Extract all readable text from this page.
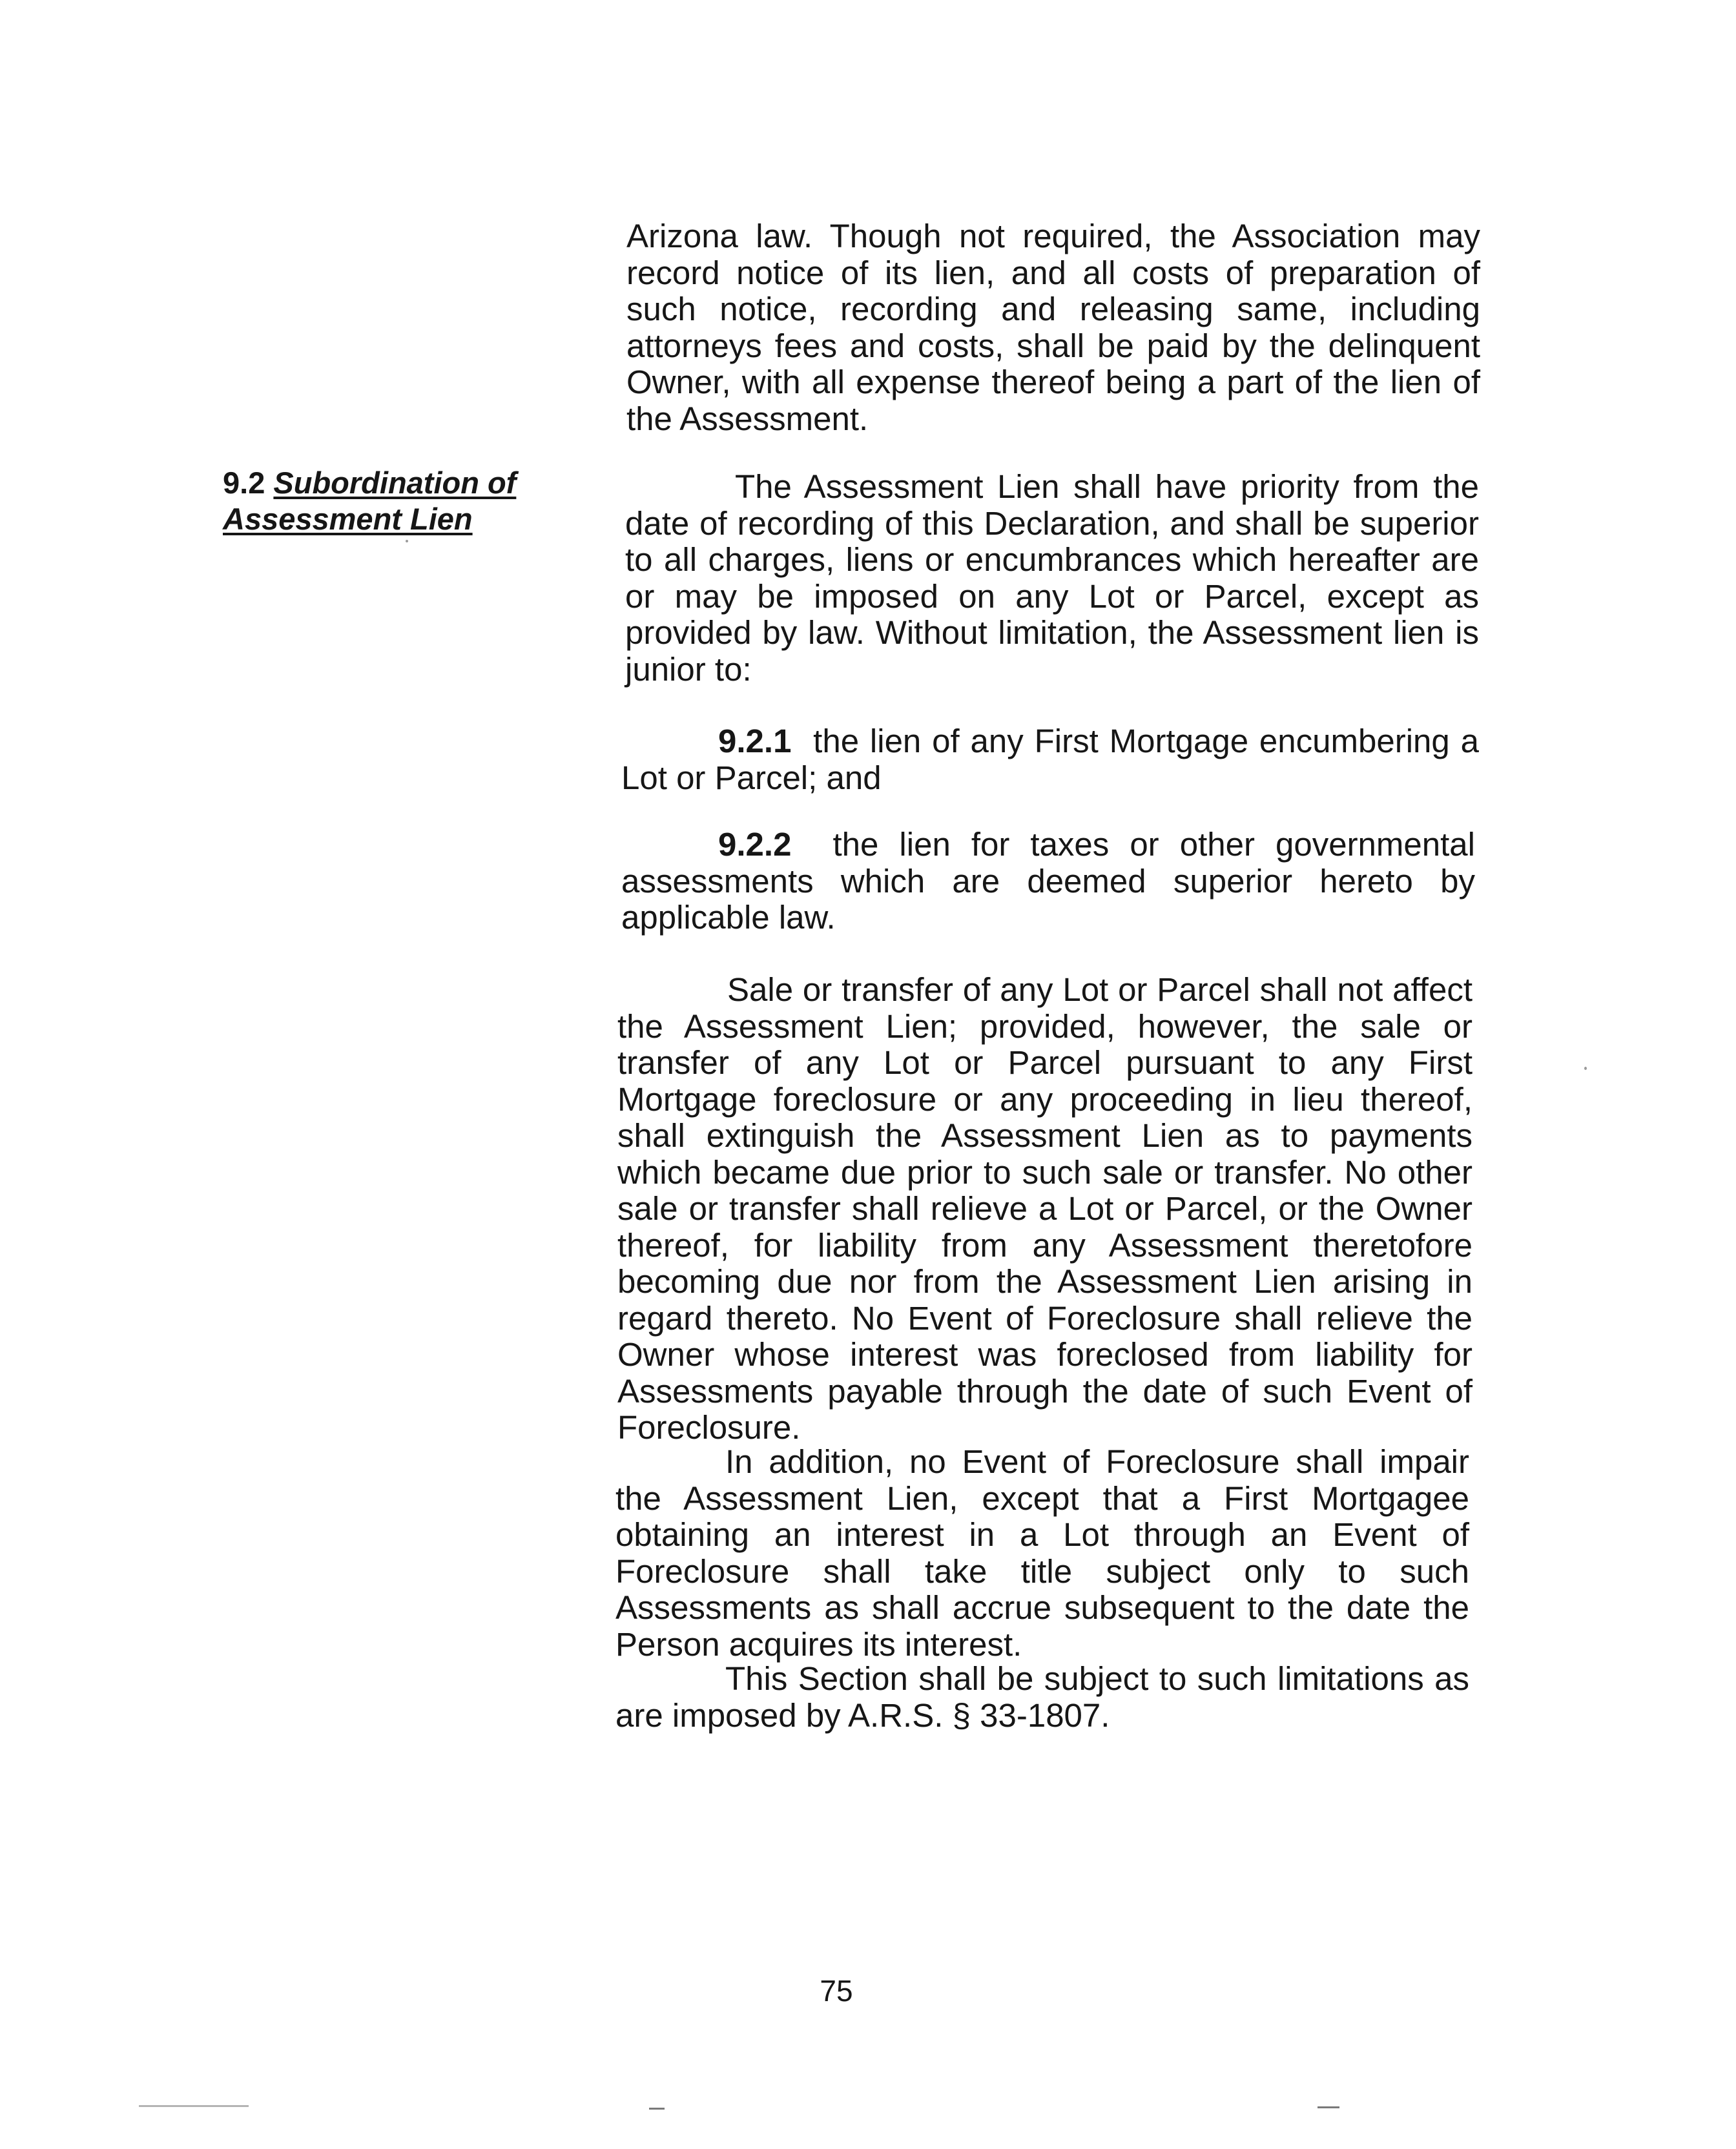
Arizona law. Though not required, the Association may record notice of its lien, and all costs of preparation of such notice, recording and releasing same, including attorneys fees and costs, shall be paid by the delinquent Owner, with all expense thereof being a part of the lien of the Assessment.

9.2 Subordination of
Assessment Lien

The Assessment Lien shall have priority from the date of recording of this Declaration, and shall be superior to all charges, liens or encumbrances which hereafter are or may be imposed on any Lot or Parcel, except as provided by law. Without limitation, the Assessment lien is junior to:

9.2.1 the lien of any First Mortgage encumbering a Lot or Parcel; and

9.2.2 the lien for taxes or other governmental assessments which are deemed superior hereto by applicable law.

Sale or transfer of any Lot or Parcel shall not affect the Assessment Lien; provided, however, the sale or transfer of any Lot or Parcel pursuant to any First Mortgage foreclosure or any proceeding in lieu thereof, shall extinguish the Assessment Lien as to payments which became due prior to such sale or transfer. No other sale or transfer shall relieve a Lot or Parcel, or the Owner thereof, for liability from any Assessment theretofore becoming due nor from the Assessment Lien arising in regard thereto. No Event of Foreclosure shall relieve the Owner whose interest was foreclosed from liability for Assessments payable through the date of such Event of Foreclosure.

In addition, no Event of Foreclosure shall impair the Assessment Lien, except that a First Mortgagee obtaining an interest in a Lot through an Event of Foreclosure shall take title subject only to such Assessments as shall accrue subsequent to the date the Person acquires its interest.

This Section shall be subject to such limitations as are imposed by A.R.S. § 33-1807.

75
